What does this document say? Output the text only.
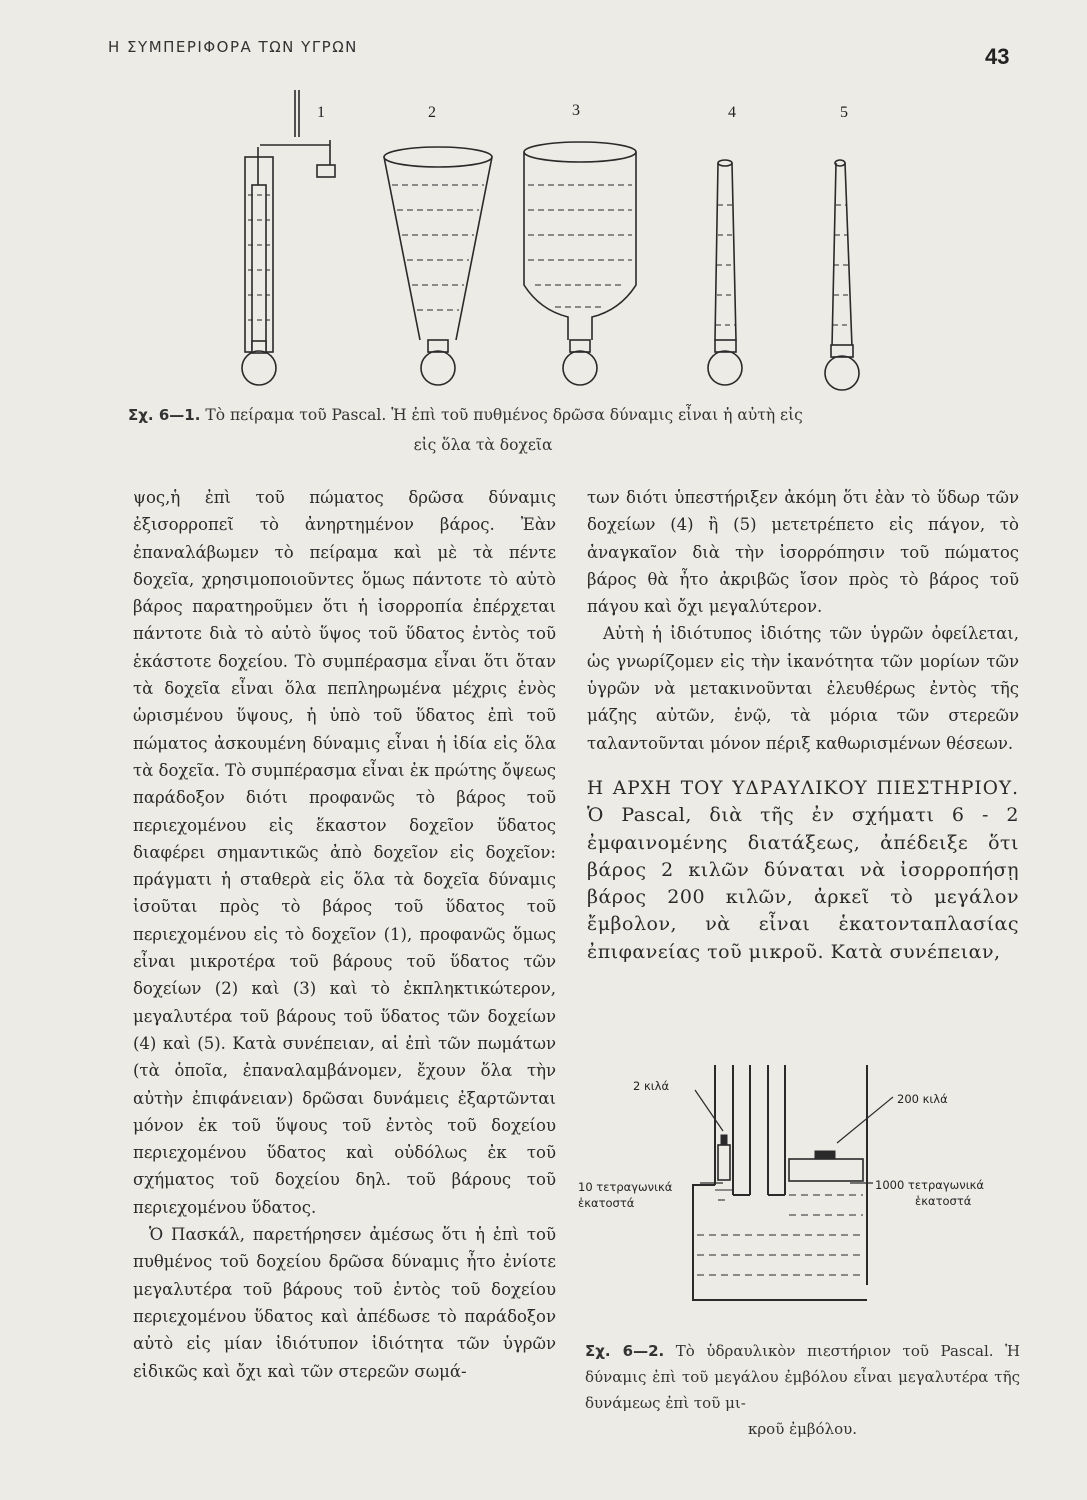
Η ΣΥΜΠΕΡΙΦΟΡΑ ΤΩΝ ΥΓΡΩΝ	43
1	2	3	4	5
Σχ. 6—1. Τὸ πείραμα τοῦ Pascal. Ἡ ἐπὶ τοῦ πυθμένος δρῶσα δύναμις εἶναι ἡ αὐτὴ εἰς
εἰς ὅλα τὰ δοχεῖα

ψος,ἡ ἐπὶ τοῦ πώματος δρῶσα δύναμις ἐξισορροπεῖ τὸ ἀνηρτημένον βάρος. Ἐὰν ἐπαναλάβωμεν τὸ πείραμα καὶ μὲ τὰ πέντε δοχεῖα, χρησιμοποιοῦντες ὅμως πάντοτε τὸ αὐτὸ βάρος παρατηροῦμεν ὅτι ἡ ἰσορροπία ἐπέρχεται πάντοτε διὰ τὸ αὐτὸ ὕψος τοῦ ὕδατος ἐντὸς τοῦ ἑκάστοτε δοχείου. Τὸ συμπέρασμα εἶναι ὅτι ὅταν τὰ δοχεῖα εἶναι ὅλα πεπληρωμένα μέχρις ἑνὸς ὡρισμένου ὕψους, ἡ ὑπὸ τοῦ ὕδατος ἐπὶ τοῦ πώματος ἀσκουμένη δύναμις εἶναι ἡ ἰδία εἰς ὅλα τὰ δοχεῖα. Τὸ συμπέρασμα εἶναι ἐκ πρώτης ὄψεως παράδοξον διότι προφανῶς τὸ βάρος τοῦ περιεχομένου εἰς ἕκαστον δοχεῖον ὕδατος διαφέρει σημαντικῶς ἀπὸ δοχεῖον εἰς δοχεῖον: πράγματι ἡ σταθερὰ εἰς ὅλα τὰ δοχεῖα δύναμις ἰσοῦται πρὸς τὸ βάρος τοῦ ὕδατος τοῦ περιεχομένου εἰς τὸ δοχεῖον (1), προφανῶς ὅμως εἶναι μικροτέρα τοῦ βάρους τοῦ ὕδατος τῶν δοχείων (2) καὶ (3) καὶ τὸ ἐκπληκτικώτερον, μεγαλυτέρα τοῦ βάρους τοῦ ὕδατος τῶν δοχείων (4) καὶ (5). Κατὰ συνέπειαν, αἱ ἐπὶ τῶν πωμάτων (τὰ ὁποῖα, ἐπαναλαμβάνομεν, ἔχουν ὅλα τὴν αὐτὴν ἐπιφάνειαν) δρῶσαι δυνάμεις ἐξαρτῶνται μόνον ἐκ τοῦ ὕψους τοῦ ἐντὸς τοῦ δοχείου περιεχομένου ὕδατος καὶ οὐδόλως ἐκ τοῦ σχήματος τοῦ δοχείου δηλ. τοῦ βάρους τοῦ περιεχομένου ὕδατος.

Ὁ Πασκάλ, παρετήρησεν ἀμέσως ὅτι ἡ ἐπὶ τοῦ πυθμένος τοῦ δοχείου δρῶσα δύναμις ἦτο ἐνίοτε μεγαλυτέρα τοῦ βάρους τοῦ ἐντὸς τοῦ δοχείου περιεχομένου ὕδατος καὶ ἀπέδωσε τὸ παράδοξον αὐτὸ εἰς μίαν ἰδιότυπον ἰδιότητα τῶν ὑγρῶν εἰδικῶς καὶ ὄχι καὶ τῶν στερεῶν σωμά-

των διότι ὑπεστήριξεν ἀκόμη ὅτι ἐὰν τὸ ὕδωρ τῶν δοχείων (4) ἢ (5) μετετρέπετο εἰς πάγον, τὸ ἀναγκαῖον διὰ τὴν ἰσορρόπησιν τοῦ πώματος βάρος θὰ ἦτο ἀκριβῶς ἴσον πρὸς τὸ βάρος τοῦ πάγου καὶ ὄχι μεγαλύτερον.

Αὐτὴ ἡ ἰδιότυπος ἰδιότης τῶν ὑγρῶν ὀφείλεται, ὡς γνωρίζομεν εἰς τὴν ἱκανότητα τῶν μορίων τῶν ὑγρῶν νὰ μετακινοῦνται ἐλευθέρως ἐντὸς τῆς μάζης αὐτῶν, ἐνῷ, τὰ μόρια τῶν στερεῶν ταλαντοῦνται μόνον πέριξ καθωρισμένων θέσεων.

Η ΑΡΧΗ ΤΟΥ ΥΔΡΑΥΛΙΚΟΥ ΠΙΕΣΤΗΡΙΟΥ. Ὁ Pascal, διὰ τῆς ἐν σχήματι 6 - 2 ἐμφαινομένης διατάξεως, ἀπέδειξε ὅτι βάρος 2 κιλῶν δύναται νὰ ἰσορροπήσῃ βάρος 200 κιλῶν, ἀρκεῖ τὸ μεγάλον ἔμβολον, νὰ εἶναι ἑκατονταπλασίας ἐπιφανείας τοῦ μικροῦ. Κατὰ συνέπειαν,

2 κιλά
200 κιλά
10 τετραγωνικά
ἑκατοστά
1000 τετραγωνικά
ἑκατοστά
Σχ. 6—2. Τὸ ὑδραυλικὸν πιεστήριον τοῦ Pascal. Ἡ δύναμις ἐπὶ τοῦ μεγάλου ἐμβόλου εἶναι μεγαλυτέρα τῆς δυνάμεως ἐπὶ τοῦ μι-
κροῦ ἐμβόλου.
